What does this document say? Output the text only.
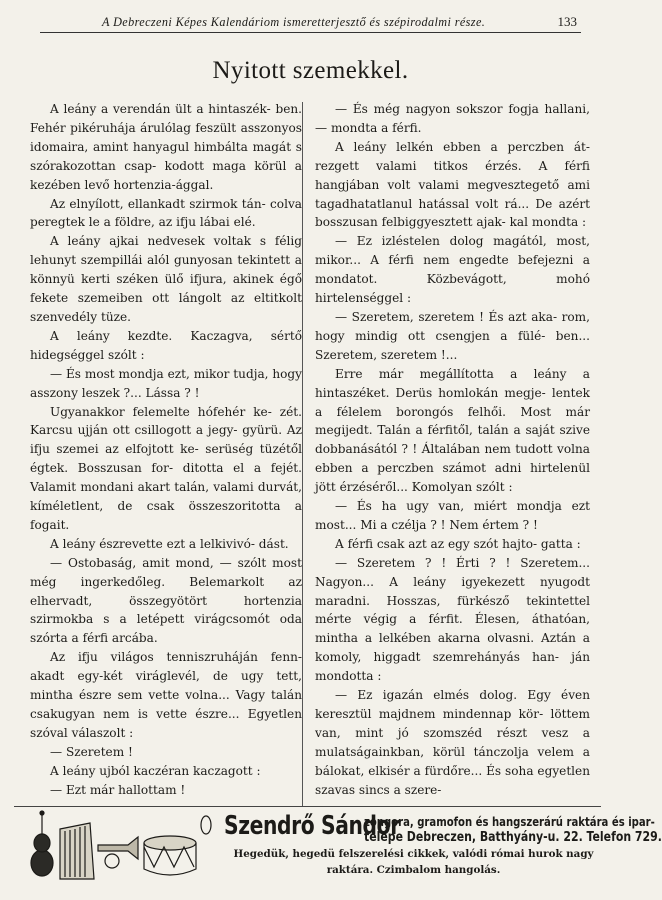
A Debreczeni Képes Kalendáriom ismeretterjesztő és szépirodalmi része.	133
Nyitott szemekkel.

A leány a verendán ült a hintaszék- ben. Fehér pikéruhája árulólag feszült asszonyos idomaira, amint hanyagul himbálta magát s szórakozottan csap- kodott maga körül a kezében levő hortenzia-ággal.

Az elnyílott, ellankadt szirmok tán- colva peregtek le a földre, az ifju lábai elé.

A leány ajkai nedvesek voltak s félig lehunyt szempillái alól gunyosan tekintett a könnyü kerti széken ülő ifjura, akinek égő fekete szemeiben ott lángolt az eltitkolt szenvedély tüze.

A leány kezdte. Kaczagva, sértő hidegséggel szólt :

— És most mondja ezt, mikor tudja, hogy asszony leszek ?... Lássa ? !

Ugyanakkor felemelte hófehér ke- zét. Karcsu ujján ott csillogott a jegy- gyürü. Az ifju szemei az elfojtott ke- serüség tüzétől égtek. Bosszusan for- ditotta el a fejét. Valamit mondani akart talán, valami durvát, kíméletlent, de csak összeszoritotta a fogait.

A leány észrevette ezt a lelkivivó- dást.

— Ostobaság, amit mond, — szólt most még ingerkedőleg. Belemarkolt az elhervadt, összegyötört hortenzia szirmokba s a letépett virágcsomót oda szórta a férfi arcába.

Az ifju világos tenniszruháján fenn- akadt egy-két viráglevél, de ugy tett, mintha észre sem vette volna... Vagy talán csakugyan nem is vette észre... Egyetlen szóval válaszolt :

— Szeretem !

A leány ujból kaczéran kaczagott :

— Ezt már hallottam !

— És még nagyon sokszor fogja hallani, — mondta a férfi.

A leány lelkén ebben a perczben át- rezgett valami titkos érzés. A férfi hangjában volt valami megvesztegető ami tagadhatatlanul hatással volt rá... De azért bosszusan felbiggyesztett ajak- kal mondta :

— Ez izléstelen dolog magától, most, mikor... A férfi nem engedte befejezni a mondatot. Közbevágott, mohó hirtelenséggel :

— Szeretem, szeretem ! És azt aka- rom, hogy mindig ott csengjen a fülé- ben... Szeretem, szeretem !...

Erre már megállította a leány a hintaszéket. Derüs homlokán megje- lentek a félelem borongós felhői. Most már megijedt. Talán a férfitől, talán a saját szive dobbanásától ? ! Általában nem tudott volna ebben a perczben számot adni hirtelenül jött érzéséről... Komolyan szólt :

— És ha ugy van, miért mondja ezt most... Mi a czélja ? ! Nem értem ? !

A férfi csak azt az egy szót hajto- gatta :

— Szeretem ? ! Érti ? ! Szeretem... Nagyon... A leány igyekezett nyugodt maradni. Hosszas, fürkésző tekintettel mérte végig a férfit. Élesen, áthatóan, mintha a lelkében akarna olvasni. Aztán a komoly, higgadt szemrehányás han- ján mondotta :

— Ez igazán elmés dolog. Egy éven keresztül majdnem mindennap kör- löttem van, mint jó szomszéd részt vesz a mulatságainkban, körül tánczolja velem a bálokat, elkisér a fürdőre... És soha egyetlen szavas sincs a szere-

Szendrő Sándor
zongora, gramofon és hangszerárú raktára és ipar-
telepe Debreczen, Batthyány-u. 22. Telefon 729.
Hegedük, hegedü felszerelési cikkek, valódi római hurok nagy
raktára. Czimbalom hangolás.
